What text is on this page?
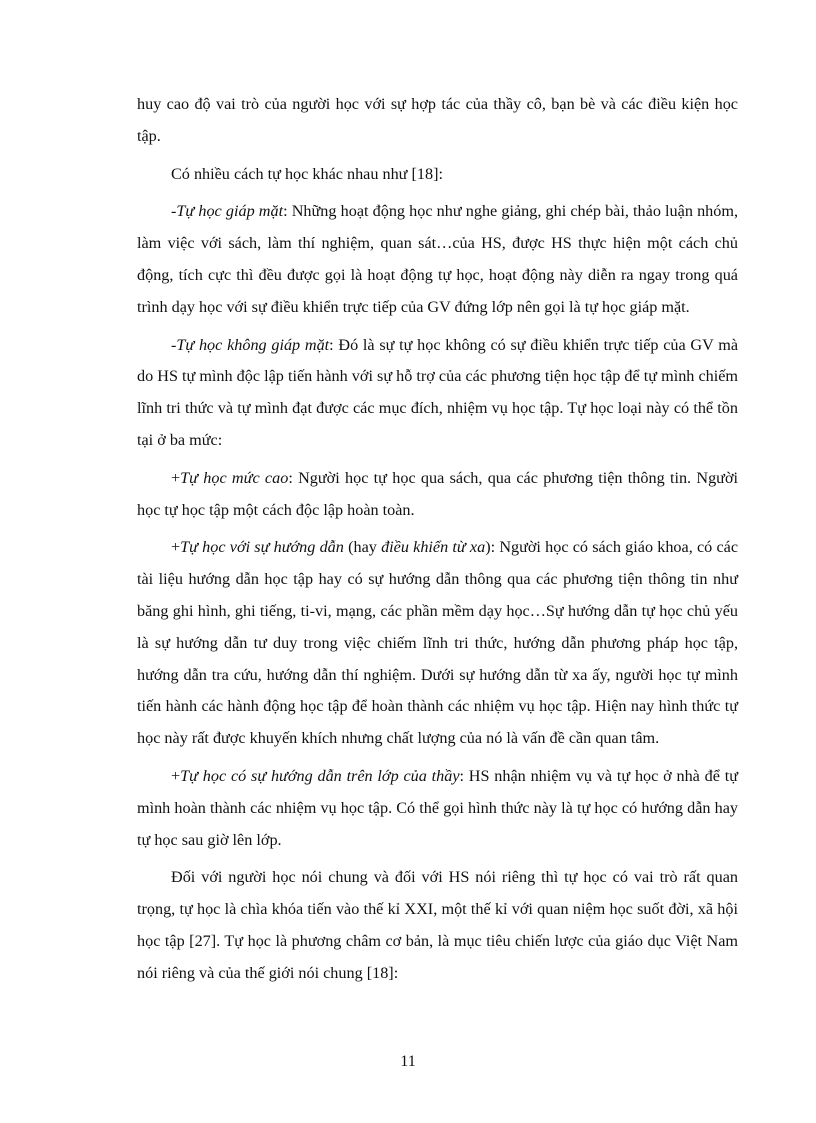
huy cao độ vai trò của người học với sự hợp tác của thầy cô, bạn bè và các điều kiện học tập.

Có nhiều cách tự học khác nhau như [18]:

-Tự học giáp mặt: Những hoạt động học như nghe giảng, ghi chép bài, thảo luận nhóm, làm việc với sách, làm thí nghiệm, quan sát…của HS, được HS thực hiện một cách chủ động, tích cực thì đều được gọi là hoạt động tự học, hoạt động này diễn ra ngay trong quá trình dạy học với sự điều khiển trực tiếp của GV đứng lớp nên gọi là tự học giáp mặt.

-Tự học không giáp mặt: Đó là sự tự học không có sự điều khiển trực tiếp của GV mà do HS tự mình độc lập tiến hành với sự hỗ trợ của các phương tiện học tập để tự mình chiếm lĩnh tri thức và tự mình đạt được các mục đích, nhiệm vụ học tập. Tự học loại này có thể tồn tại ở ba mức:

+Tự học mức cao: Người học tự học qua sách, qua các phương tiện thông tin. Người học tự học tập một cách độc lập hoàn toàn.

+Tự học với sự hướng dẫn (hay điều khiển từ xa): Người học có sách giáo khoa, có các tài liệu hướng dẫn học tập hay có sự hướng dẫn thông qua các phương tiện thông tin như băng ghi hình, ghi tiếng, ti-vi, mạng, các phần mềm dạy học…Sự hướng dẫn tự học chủ yếu là sự hướng dẫn tư duy trong việc chiếm lĩnh tri thức, hướng dẫn phương pháp học tập, hướng dẫn tra cứu, hướng dẫn thí nghiệm. Dưới sự hướng dẫn từ xa ấy, người học tự mình tiến hành các hành động học tập để hoàn thành các nhiệm vụ học tập. Hiện nay hình thức tự học này rất được khuyến khích nhưng chất lượng của nó là vấn đề cần quan tâm.

+Tự học có sự hướng dẫn trên lớp của thầy: HS nhận nhiệm vụ và tự học ở nhà để tự mình hoàn thành các nhiệm vụ học tập. Có thể gọi hình thức này là tự học có hướng dẫn hay tự học sau giờ lên lớp.

Đối với người học nói chung và đối với HS nói riêng thì tự học có vai trò rất quan trọng, tự học là chìa khóa tiến vào thế kỉ XXI, một thế kỉ với quan niệm học suốt đời, xã hội học tập [27]. Tự học là phương châm cơ bản, là mục tiêu chiến lược của giáo dục Việt Nam nói riêng và của thế giới nói chung [18]:

11
